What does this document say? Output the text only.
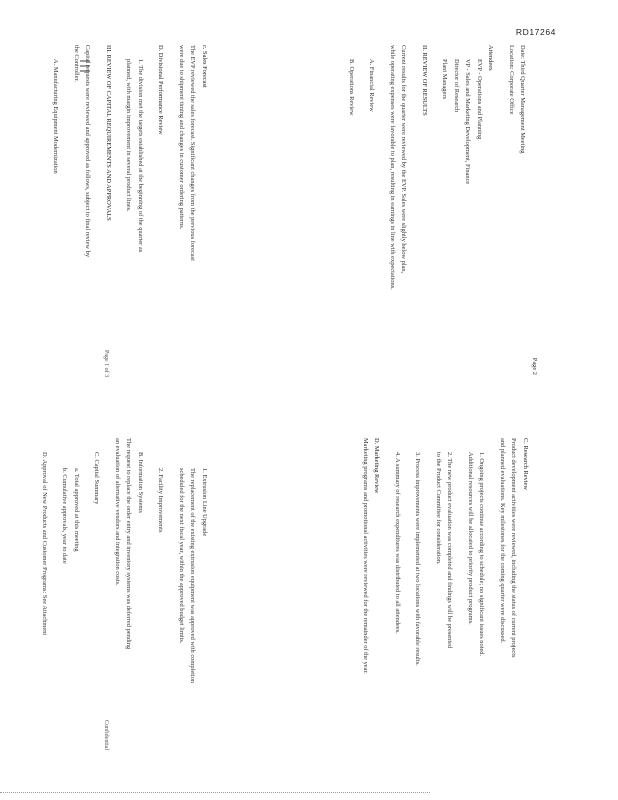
RD17264
Page 2
Date: Third Quarter Management Meeting
Location: Corporate Office
Attendees
EVP - Operations and Planning
VP - Sales and Marketing Development, Finance
Director of Research
Plant Managers
II. REVIEW OF RESULTS
Current results for the quarter were reviewed by the EVP. Sales were slightly below plan,
while operating expenses were favorable to plan, resulting in earnings in line with expectations.
A. Financial Review
B. Operations Review
C. Research Review
Product development activities were reviewed, including the status of current projects
and planned evaluations. Key milestones for the coming quarter were discussed.
1. Ongoing projects continue according to schedule; no significant issues noted.
Additional resources will be allocated to priority product programs.
2. The new product evaluation was completed and findings will be presented
to the Product Committee for consideration.
3. Process improvements were implemented at two locations with favorable results.
4. A summary of research expenditures was distributed to all attendees.
D. Marketing Review
Marketing programs and promotional activities were reviewed for the remainder of the year.
c. Sales Forecast
The EVP reviewed the sales forecast. Significant changes from the previous forecast
were due to shipment timing and changes in customer ordering patterns.
D. Divisional Performance Review
1. The division met the targets established at the beginning of the quarter as
planned, with margin improvement in several product lines.
III. REVIEW OF CAPITAL REQUIREMENTS AND APPROVALS
Capital requests were reviewed and approved as follows, subject to final review by
the Controller.
A. Manufacturing Equipment Modernization
1. Extrusion Line Upgrade
The replacement of the existing extrusion equipment was approved with completion
scheduled for the next fiscal year, within the approved budget limits.
2. Facility Improvements
B. Information Systems
The request to replace the order entry and inventory systems was deferred pending
an evaluation of alternative vendors and integration costs.
C. Capital Summary
a. Total approved at this meeting
b. Cumulative approvals, year to date
D. Approval of New Products and Customer Programs: See Attachment
Page 1 of 3
Confidential
